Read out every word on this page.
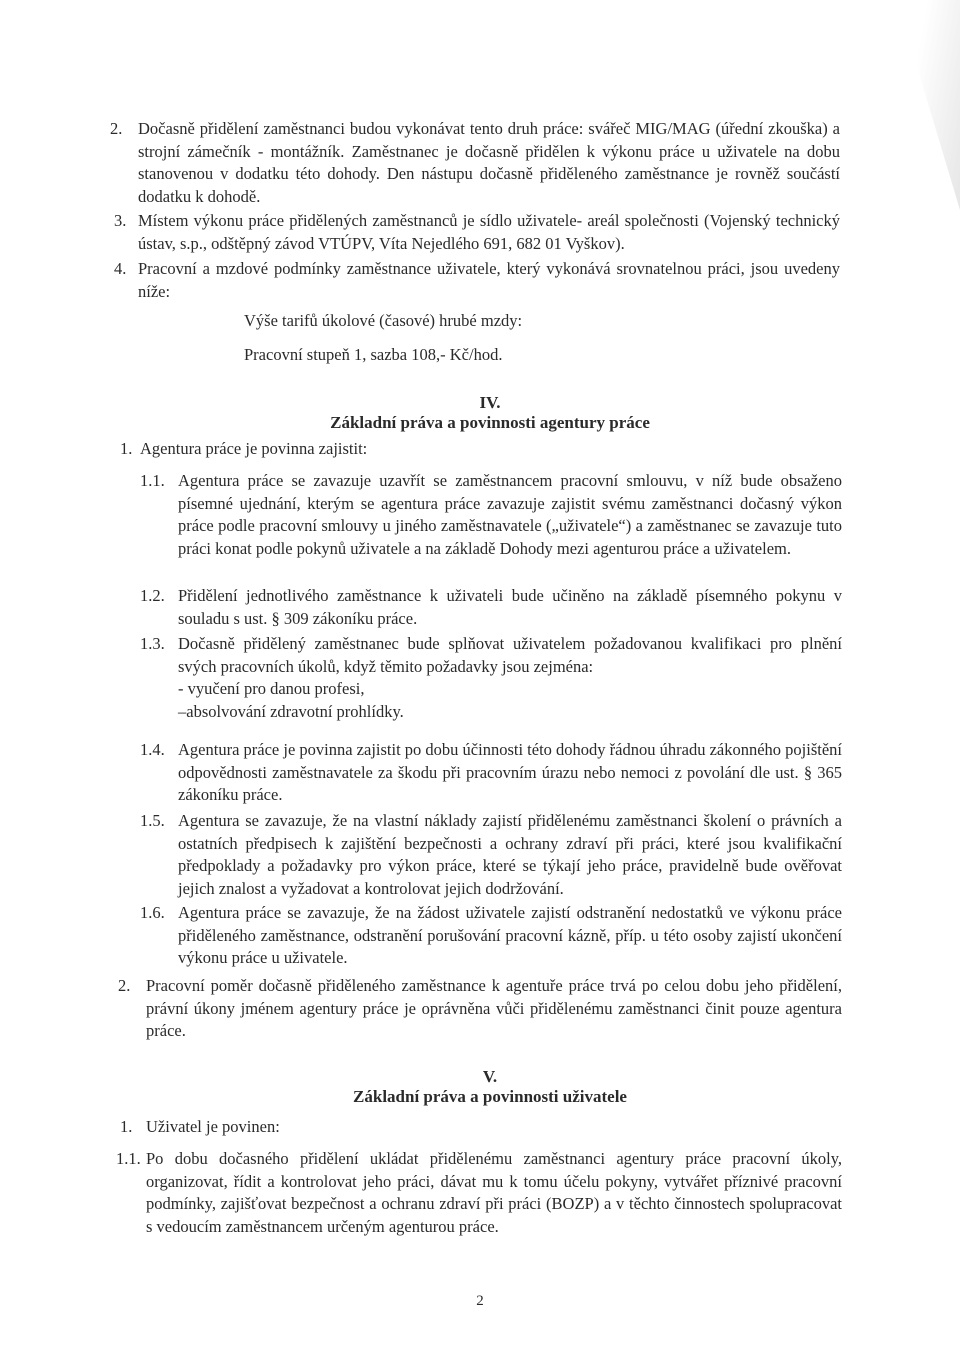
2. Dočasně přidělení zaměstnanci budou vykonávat tento druh práce: svářeč MIG/MAG (úřední zkouška) a strojní zámečník - montážník. Zaměstnanec je dočasně přidělen k výkonu práce u uživatele na dobu stanovenou v dodatku této dohody. Den nástupu dočasně přiděleného zaměstnance je rovněž součástí dodatku k dohodě.
3. Místem výkonu práce přidělených zaměstnanců je sídlo uživatele- areál společnosti (Vojenský technický ústav, s.p., odštěpný závod VTÚPV, Víta Nejedlého 691, 682 01 Vyškov).
4. Pracovní a mzdové podmínky zaměstnance uživatele, který vykonává srovnatelnou práci, jsou uvedeny níže:
Výše tarifů úkolové (časové) hrubé mzdy:
Pracovní stupeň 1, sazba 108,- Kč/hod.
IV.
Základní práva a povinnosti agentury práce
1. Agentura práce je povinna zajistit:
1.1. Agentura práce se zavazuje uzavřít se zaměstnancem pracovní smlouvu, v níž bude obsaženo písemné ujednání, kterým se agentura práce zavazuje zajistit svému zaměstnanci dočasný výkon práce podle pracovní smlouvy u jiného zaměstnavatele („uživatele“) a zaměstnanec se zavazuje tuto práci konat podle pokynů uživatele a na základě Dohody mezi agenturou práce a uživatelem.
1.2. Přidělení jednotlivého zaměstnance k uživateli bude učiněno na základě písemného pokynu v souladu s ust. § 309 zákoníku práce.
1.3. Dočasně přidělený zaměstnanec bude splňovat uživatelem požadovanou kvalifikaci pro plnění svých pracovních úkolů, když těmito požadavky jsou zejména:
- vyučení pro danou profesi,
–absolvování zdravotní prohlídky.
1.4. Agentura práce je povinna zajistit po dobu účinnosti této dohody řádnou úhradu zákonného pojištění odpovědnosti zaměstnavatele za škodu při pracovním úrazu nebo nemoci z povolání dle ust. § 365 zákoníku práce.
1.5. Agentura se zavazuje, že na vlastní náklady zajistí přidělenému zaměstnanci školení o právních a ostatních předpisech k zajištění bezpečnosti a ochrany zdraví při práci, které jsou kvalifikační předpoklady a požadavky pro výkon práce, které se týkají jeho práce, pravidelně bude ověřovat jejich znalost a vyžadovat a kontrolovat jejich dodržování.
1.6. Agentura práce se zavazuje, že na žádost uživatele zajistí odstranění nedostatků ve výkonu práce přiděleného zaměstnance, odstranění porušování pracovní kázně, příp. u této osoby zajistí ukončení výkonu práce u uživatele.
2. Pracovní poměr dočasně přiděleného zaměstnance k agentuře práce trvá po celou dobu jeho přidělení, právní úkony jménem agentury práce je oprávněna vůči přidělenému zaměstnanci činit pouze agentura práce.
V.
Základní práva a povinnosti uživatele
1. Uživatel je povinen:
1.1. Po dobu dočasného přidělení ukládat přidělenému zaměstnanci agentury práce pracovní úkoly, organizovat, řídit a kontrolovat jeho práci, dávat mu k tomu účelu pokyny, vytvářet příznivé pracovní podmínky, zajišťovat bezpečnost a ochranu zdraví při práci (BOZP) a v těchto činnostech spolupracovat s vedoucím zaměstnancem určeným agenturou práce.
2
